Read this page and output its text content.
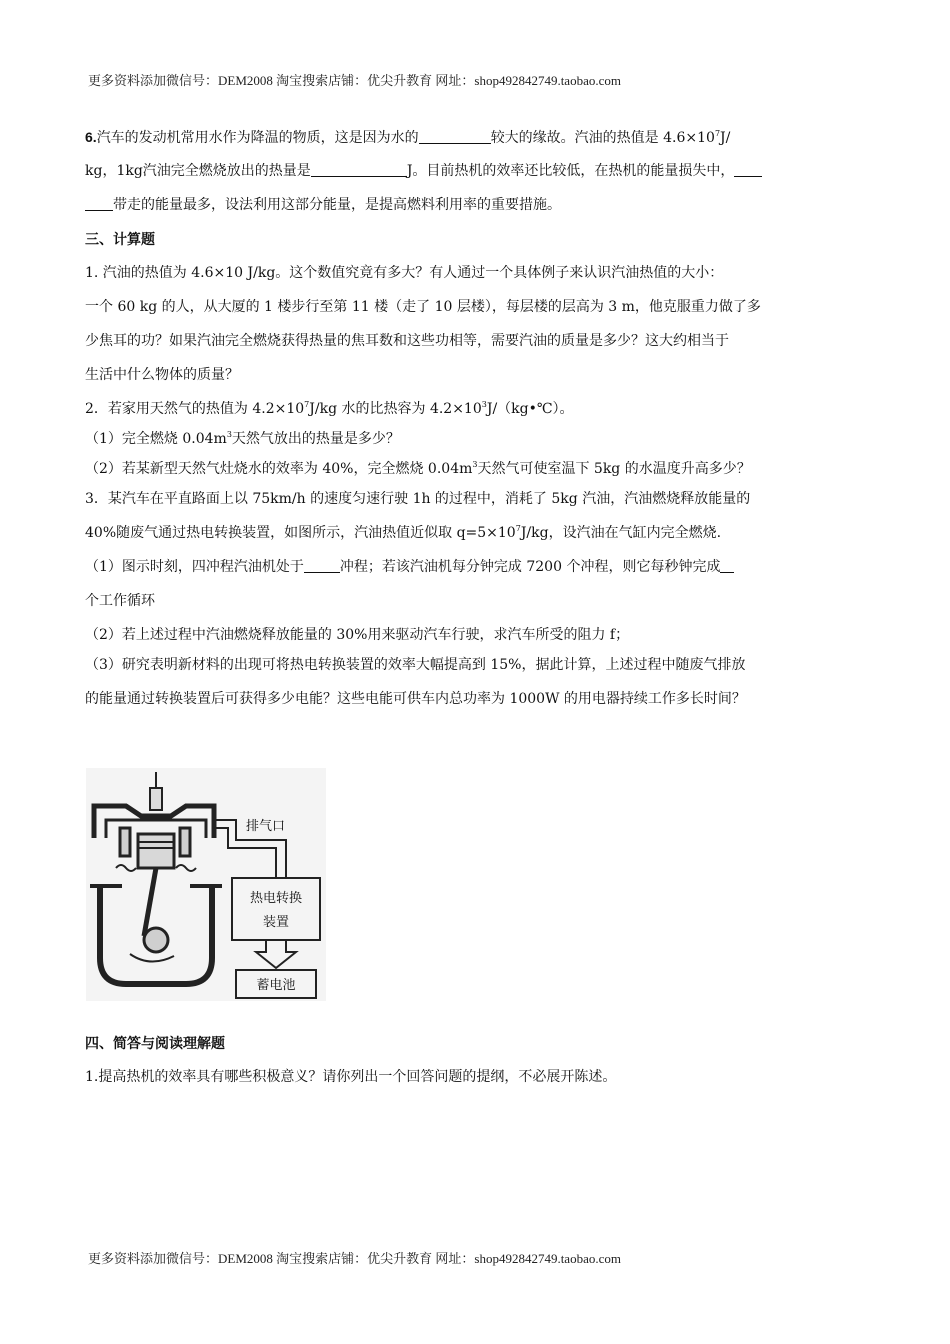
更多资料添加微信号：DEM2008 淘宝搜索店铺：优尖升教育 网址：shop492842749.taobao.com
6.汽车的发动机常用水作为降温的物质，这是因为水的	较大的缘故。汽油的热值是 $4.6\times 10^7J/$
kg，1kg汽油完全燃烧放出的热量是	J。目前热机的效率还比较低，在热机的能量损失中，
带走的能量最多，设法利用这部分能量，是提高燃料利用率的重要措施。
三、计算题
1. 汽油的热值为 4.6×10 J/kg。这个数值究竟有多大？有人通过一个具体例子来认识汽油热值的大小：
一个 60 kg 的人，从大厦的 1 楼步行至第 11 楼（走了 10 层楼），每层楼的层高为 3 m，他克服重力做了多
少焦耳的功？如果汽油完全燃烧获得热量的焦耳数和这些功相等，需要汽油的质量是多少？这大约相当于
生活中什么物体的质量？
2．若家用天然气的热值为 $4.2\times 10^7J/kg$ 水的比热容为 $4.2\times 10^3J/(kg•℃)$。
（1）完全燃烧 $0.04m^3$天然气放出的热量是多少？
（2）若某新型天然气灶烧水的效率为 40%，完全燃烧 $0.04m^3$天然气可使室温下 5kg 的水温度升高多少？
3．某汽车在平直路面上以 75km/h 的速度匀速行驶 1h 的过程中，消耗了 5kg 汽油，汽油燃烧释放能量的
40%随废气通过热电转换装置，如图所示，汽油热值近似取 $q=5\times 10^7J/kg$，设汽油在气缸内完全燃烧.
（1）图示时刻，四冲程汽油机处于	冲程；若该汽油机每分钟完成 7200 个冲程，则它每秒钟完成
个工作循环
（2）若上述过程中汽油燃烧释放能量的 30%用来驱动汽车行驶，求汽车所受的阻力 f；
（3）研究表明新材料的出现可将热电转换装置的效率大幅提高到 15%，据此计算，上述过程中随废气排放
的能量通过转换装置后可获得多少电能？这些电能可供车内总功率为 1000W 的用电器持续工作多长时间？
排气口
热电转换
装置
蓄电池
四、简答与阅读理解题
1.提高热机的效率具有哪些积极意义？请你列出一个回答问题的提纲，不必展开陈述。
更多资料添加微信号：DEM2008 淘宝搜索店铺：优尖升教育 网址：shop492842749.taobao.com
